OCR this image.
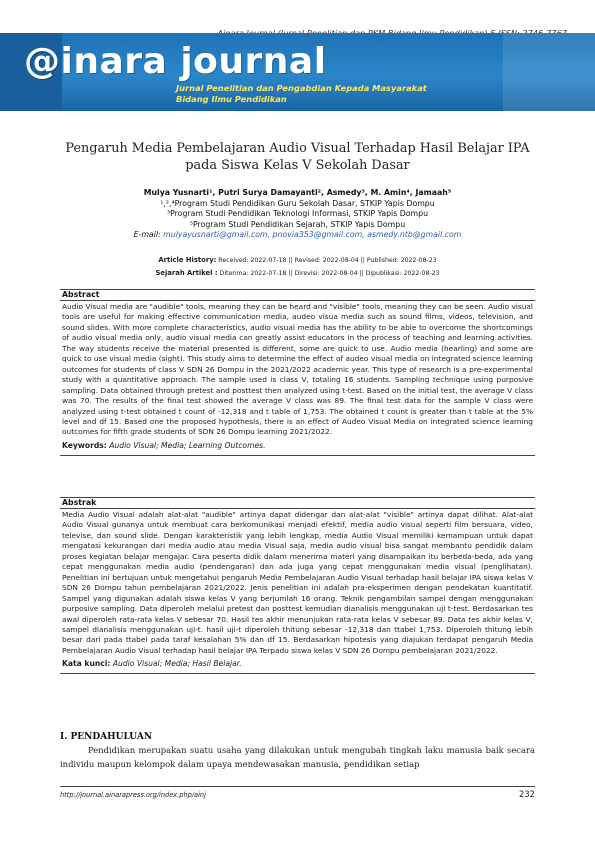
@inara journal
Jurnal Penelitian dan Pengabdian Kepada Masyarakat
Bidang Ilmu Pendidikan
Pengaruh Media Pembelajaran Audio Visual Terhadap Hasil Belajar IPA
pada Siswa Kelas V Sekolah Dasar
Mulya Yusnarti¹, Putri Surya Damayanti², Asmedy³, M. Amin⁴, Jamaah⁵
¹,²,⁴Program Studi Pendidikan Guru Sekolah Dasar, STKIP Yapis Dompu
³Program Studi Pendidikan Teknologi Informasi, STKIP Yapis Dompu
⁵Program Studi Pendidikan Sejarah, STKIP Yapis Dompu
E-mail: mulyayusnarti@gmail.com, pnovia353@gmail.com, asmedy.ntb@gmail.com
Article History: Received: 2022-07-18 || Revised: 2022-08-04 || Published: 2022-08-23
Sejarah Artikel : Diterima: 2022-07-18 || Direvisi: 2022-08-04 || Dipublikasi: 2022-08-23
Abstract
Audio Visual media are "audible" tools, meaning they can be heard and "visible" tools, meaning they can be seen. Audio visual tools are useful for making effective communication media, audeo visua media such as sound films, videos, television, and sound slides. With more complete characteristics, audio visual media has the ability to be able to overcome the shortcomings of audio visual media only, audio visual media can greatly assist educators in the process of teaching and learning activities. The way students receive the material presented is different, some are quick to use. Audio media (hearling) and some are quick to use visual media (sight). This study aims to determine the effect of audeo visual media on integrated science learning outcomes for students of class V SDN 26 Dompu in the 2021/2022 academic year. This type of research is a pre-experimental study with a quantitative approach. The sample used is class V, totaling 16 students. Sampling technique using purposive sampling. Data obtained through pretest and posttest then analyzed using t-test. Based on the initial test, the average V class was 70. The results of the final test showed the average V class was 89. The final test data for the sample V class were analyzed using t-test obtained t count of -12,318 and t table of 1,753. The obtained t count is greater than t table at the 5% level and df 15. Based one the proposed hypothesis, there is an effect of Audeo Visual Media on integrated science learning outcomes for fifth grade students of SDN 26 Dompu learning 2021/2022.
Keywords: Audio Visual; Media; Learning Outcomes.
Abstrak
Media Audio Visual adalah alat-alat "audible" artinya dapat didengar dan alat-alat "visible" artinya dapat dilihat. Alat-alat Audio Visual gunanya untuk membuat cara berkomunikasi menjadi efektif, media audio visual seperti film bersuara, video, televise, dan sound slide. Dengan karakteristik yang lebih lengkap, media Audio Visual memiliki kemampuan untuk dapat mengatasi kekurangan dari media audio atau media Visual saja, media audio visual bisa sangat membantu pendidik dalam proses kegiatan belajar mengajar. Cara peserta didik dalam menerima materi yang disampaikan itu berbeda-beda, ada yang cepat menggunakan media audio (pendengaran) dan ada juga yang cepat menggunakan media visual (penglihatan). Penelitian ini bertujuan untuk mengetahui pengaruh Media Pembelajaran Audio Visual terhadap hasil belajar IPA siswa kelas V SDN 26 Dompu tahun pembelajaran 2021/2022. Jenis penelitian ini adalah pra-eksperimen dengan pendekatan kuantitatif. Sampel yang digunakan adalah siswa kelas V yang berjumlah 16 orang. Teknik pengambilan sampel dengan menggunakan purposive sampling. Data diperoleh melalui pretest dan posttest kemudian dianalisis menggunakan uji t-test. Berdasarkan tes awal diperoleh rata-rata kelas V sebesar 70. Hasil tes akhir menunjukan rata-rata kelas V sebesar 89. Data tes akhir kelas V, sampel dianalisis menggunakan uji-t. hasil uji-t diperoleh thitung sebesar -12,318 dan ttabel 1,753. Diperoleh thitung lebih besar dari pada ttabel pada taraf kesalahan 5% dan df 15. Berdasarkan hipotesis yang diajukan terdapat pengaruh Media Pembelajaran Audio Visual terhadap hasil belajar IPA Terpadu siswa kelas V SDN 26 Dompu pembelajaran 2021/2022.
Kata kunci: Audio Visual; Media; Hasil Belajar.
I. PENDAHULUAN
Pendidikan merupakan suatu usaha yang dilakukan untuk mengubah tingkah laku manusia baik secara individu maupun kelompok dalam upaya mendewasakan manusia, pendidikan setiap
http://journal.ainarapress.org/index.php/ainj	232
